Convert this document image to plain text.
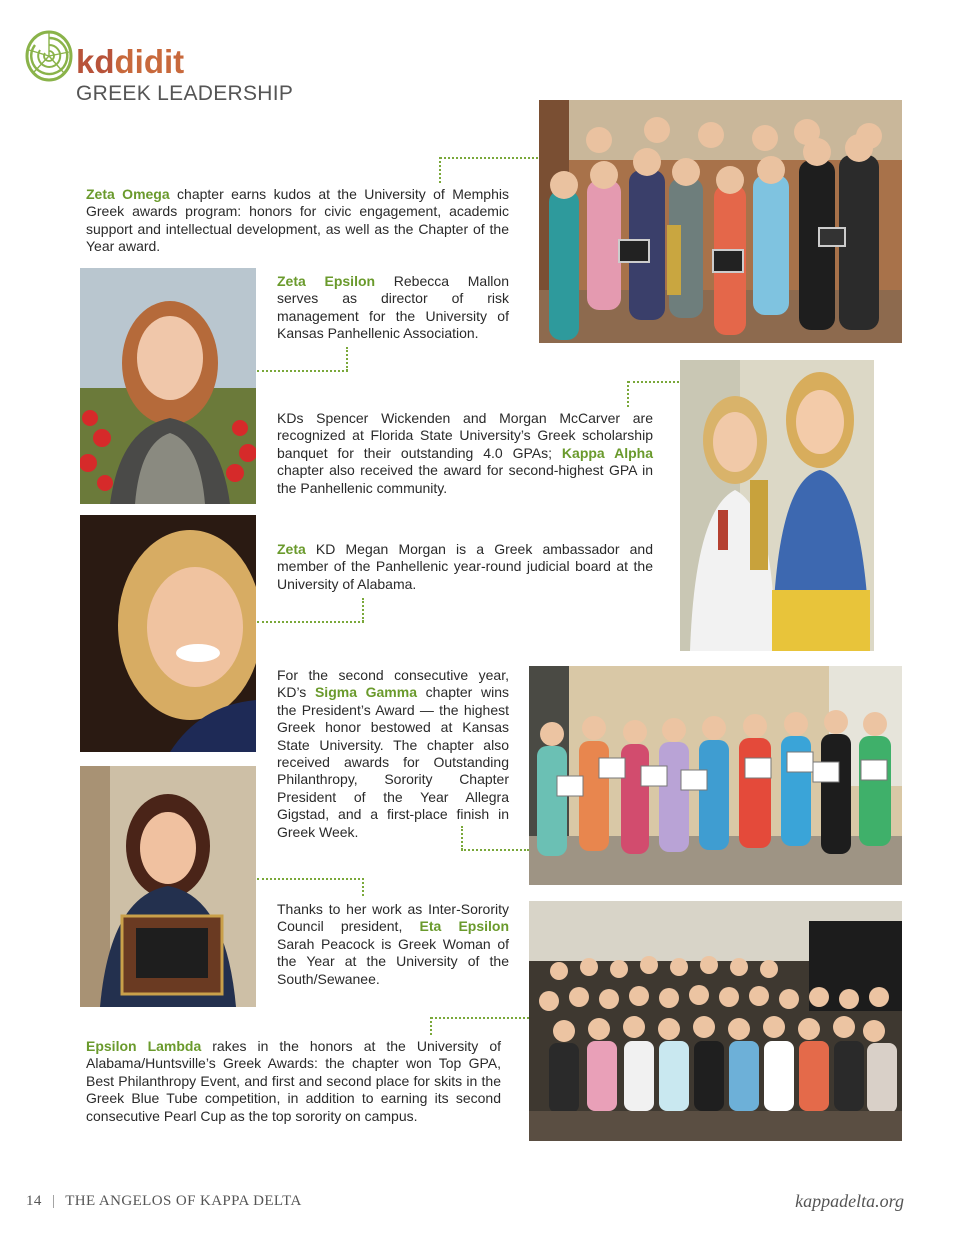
kddidit
GREEK LEADERSHIP
Zeta Omega chapter earns kudos at the University of Memphis Greek awards program: honors for civic engagement, academic support and intellectual development, as well as the Chapter of the Year award.
Zeta Epsilon Rebecca Mallon serves as director of risk management for the University of Kansas Panhellenic Association.
KDs Spencer Wickenden and Morgan McCarver are recognized at Florida State University’s Greek scholarship banquet for their outstanding 4.0 GPAs; Kappa Alpha chapter also received the award for second-highest GPA in the Panhellenic community.
Zeta KD Megan Morgan is a Greek ambassador and member of the Panhellenic year-round judicial board at the University of Alabama.
For the second consecutive year, KD’s Sigma Gamma chapter wins the President’s Award — the highest Greek honor bestowed at Kansas State University. The chapter also received awards for Outstanding Philanthropy, Sorority Chapter President of the Year Allegra Gigstad, and a first-place finish in Greek Week.
Thanks to her work as Inter-Sorority Council president, Eta Epsilon Sarah Peacock is Greek Woman of the Year at the University of the South/Sewanee.
Epsilon Lambda rakes in the honors at the University of Alabama/Huntsville’s Greek Awards: the chapter won Top GPA, Best Philanthropy Event, and first and second place for skits in the Greek Blue Tube competition, in addition to earning its second consecutive Pearl Cup as the top sorority on campus.
14 | THE ANGELOS OF KAPPA DELTA	kappadelta.org
